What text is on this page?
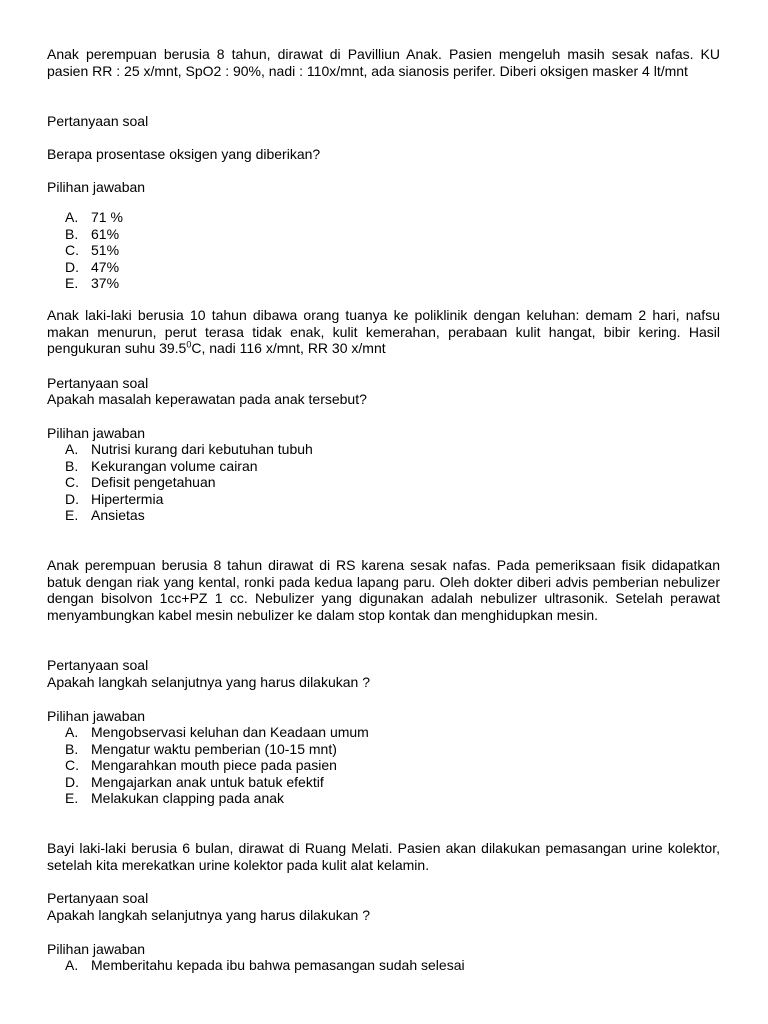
Anak perempuan berusia 8 tahun, dirawat di Pavilliun Anak. Pasien mengeluh masih sesak nafas. KU pasien RR : 25 x/mnt, SpO2 : 90%, nadi : 110x/mnt, ada sianosis perifer. Diberi oksigen masker 4 lt/mnt

Pertanyaan soal

Berapa prosentase oksigen yang diberikan?

Pilihan jawaban

A. 71 %
B. 61%
C. 51%
D. 47%
E. 37%

Anak laki-laki berusia 10 tahun dibawa orang tuanya ke poliklinik dengan keluhan: demam 2 hari, nafsu makan menurun, perut terasa tidak enak, kulit kemerahan, perabaan kulit hangat, bibir kering. Hasil pengukuran suhu 39.5$^0$C, nadi 116 x/mnt, RR 30 x/mnt

Pertanyaan soal

Apakah masalah keperawatan pada anak tersebut?

Pilihan jawaban

A. Nutrisi kurang dari kebutuhan tubuh
B. Kekurangan volume cairan
C. Defisit pengetahuan
D. Hipertermia
E. Ansietas

Anak perempuan berusia 8 tahun dirawat di RS karena sesak nafas. Pada pemeriksaan fisik didapatkan batuk dengan riak yang kental, ronki pada kedua lapang paru. Oleh dokter diberi advis pemberian nebulizer dengan bisolvon 1cc+PZ 1 cc. Nebulizer yang digunakan adalah nebulizer ultrasonik. Setelah perawat menyambungkan kabel mesin nebulizer ke dalam stop kontak dan menghidupkan mesin.

Pertanyaan soal

Apakah langkah selanjutnya yang harus dilakukan ?

Pilihan jawaban

A. Mengobservasi keluhan dan Keadaan umum
B. Mengatur waktu pemberian (10-15 mnt)
C. Mengarahkan mouth piece pada pasien
D. Mengajarkan anak untuk batuk efektif
E. Melakukan clapping pada anak

Bayi laki-laki berusia 6 bulan, dirawat di Ruang Melati. Pasien akan dilakukan pemasangan urine kolektor, setelah kita merekatkan urine kolektor pada kulit alat kelamin.

Pertanyaan soal

Apakah langkah selanjutnya yang harus dilakukan ?

Pilihan jawaban

A. Memberitahu kepada ibu bahwa pemasangan sudah selesai
